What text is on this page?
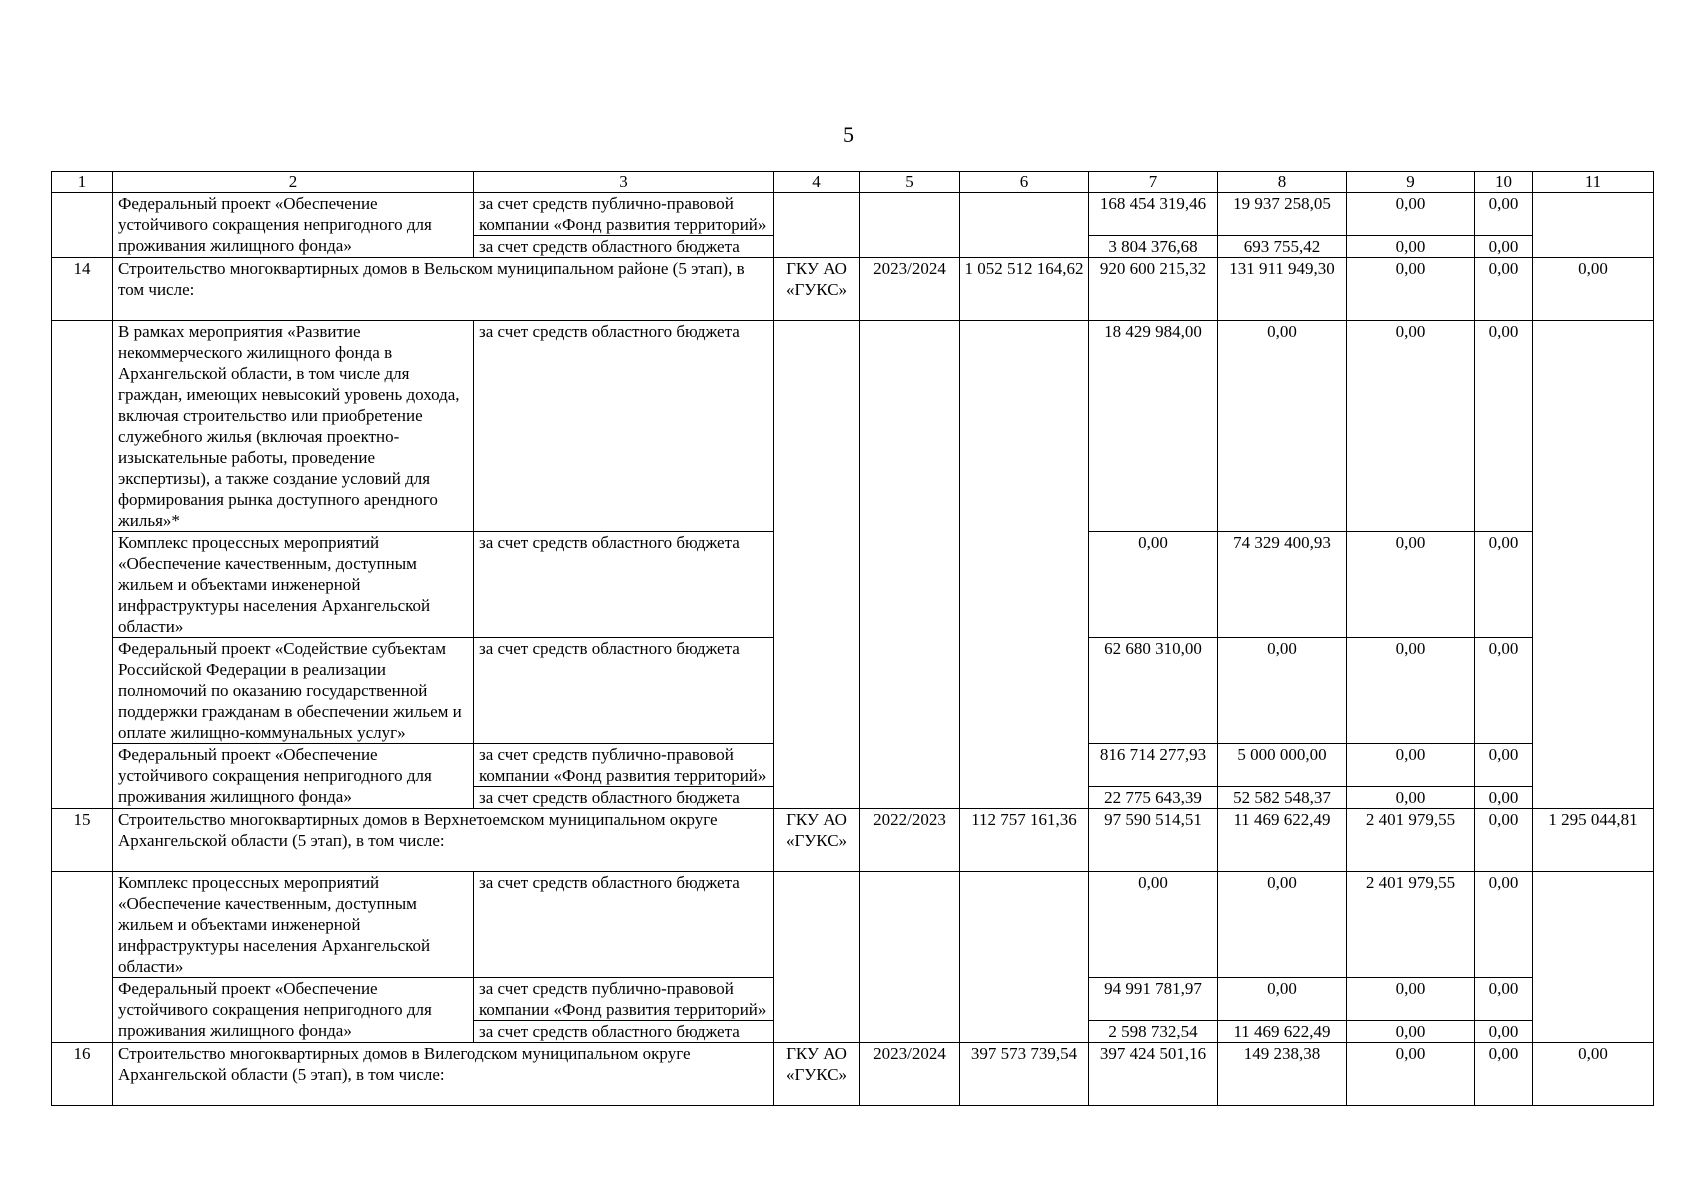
5
1	2	3	4	5	6	7	8	9	10	11
	Федеральный проект «Обеспечение устойчивого сокращения непригодного для проживания жилищного фонда»	за счет средств публично-правовой компании «Фонд развития территорий»				168 454 319,46	19 937 258,05	0,00	0,00	
		за счет средств областного бюджета				3 804 376,68	693 755,42	0,00	0,00	
14	Строительство многоквартирных домов в Вельском муниципальном районе (5 этап), в том числе:		ГКУ АО «ГУКС»	2023/2024	1 052 512 164,62	920 600 215,32	131 911 949,30	0,00	0,00	0,00
	В рамках мероприятия «Развитие некоммерческого жилищного фонда в Архангельской области, в том числе для граждан, имеющих невысокий уровень дохода, включая строительство или приобретение служебного жилья (включая проектно-изыскательные работы, проведение экспертизы), а также создание условий для формирования рынка доступного арендного жилья»*	за счет средств областного бюджета				18 429 984,00	0,00	0,00	0,00	
	Комплекс процессных мероприятий «Обеспечение качественным, доступным жильем и объектами инженерной инфраструктуры населения Архангельской области»	за счет средств областного бюджета				0,00	74 329 400,93	0,00	0,00	
	Федеральный проект «Содействие субъектам Российской Федерации в реализации полномочий по оказанию государственной поддержки гражданам в обеспечении жильем и оплате жилищно-коммунальных услуг»	за счет средств областного бюджета				62 680 310,00	0,00	0,00	0,00	
	Федеральный проект «Обеспечение устойчивого сокращения непригодного для проживания жилищного фонда»	за счет средств публично-правовой компании «Фонд развития территорий»				816 714 277,93	5 000 000,00	0,00	0,00	
		за счет средств областного бюджета				22 775 643,39	52 582 548,37	0,00	0,00	
15	Строительство многоквартирных домов в Верхнетоемском муниципальном округе Архангельской области (5 этап), в том числе:		ГКУ АО «ГУКС»	2022/2023	112 757 161,36	97 590 514,51	11 469 622,49	2 401 979,55	0,00	1 295 044,81
	Комплекс процессных мероприятий «Обеспечение качественным, доступным жильем и объектами инженерной инфраструктуры населения Архангельской области»	за счет средств областного бюджета				0,00	0,00	2 401 979,55	0,00	
	Федеральный проект «Обеспечение устойчивого сокращения непригодного для проживания жилищного фонда»	за счет средств публично-правовой компании «Фонд развития территорий»				94 991 781,97	0,00	0,00	0,00	
		за счет средств областного бюджета				2 598 732,54	11 469 622,49	0,00	0,00	
16	Строительство многоквартирных домов в Вилегодском муниципальном округе Архангельской области (5 этап), в том числе:		ГКУ АО «ГУКС»	2023/2024	397 573 739,54	397 424 501,16	149 238,38	0,00	0,00	0,00
